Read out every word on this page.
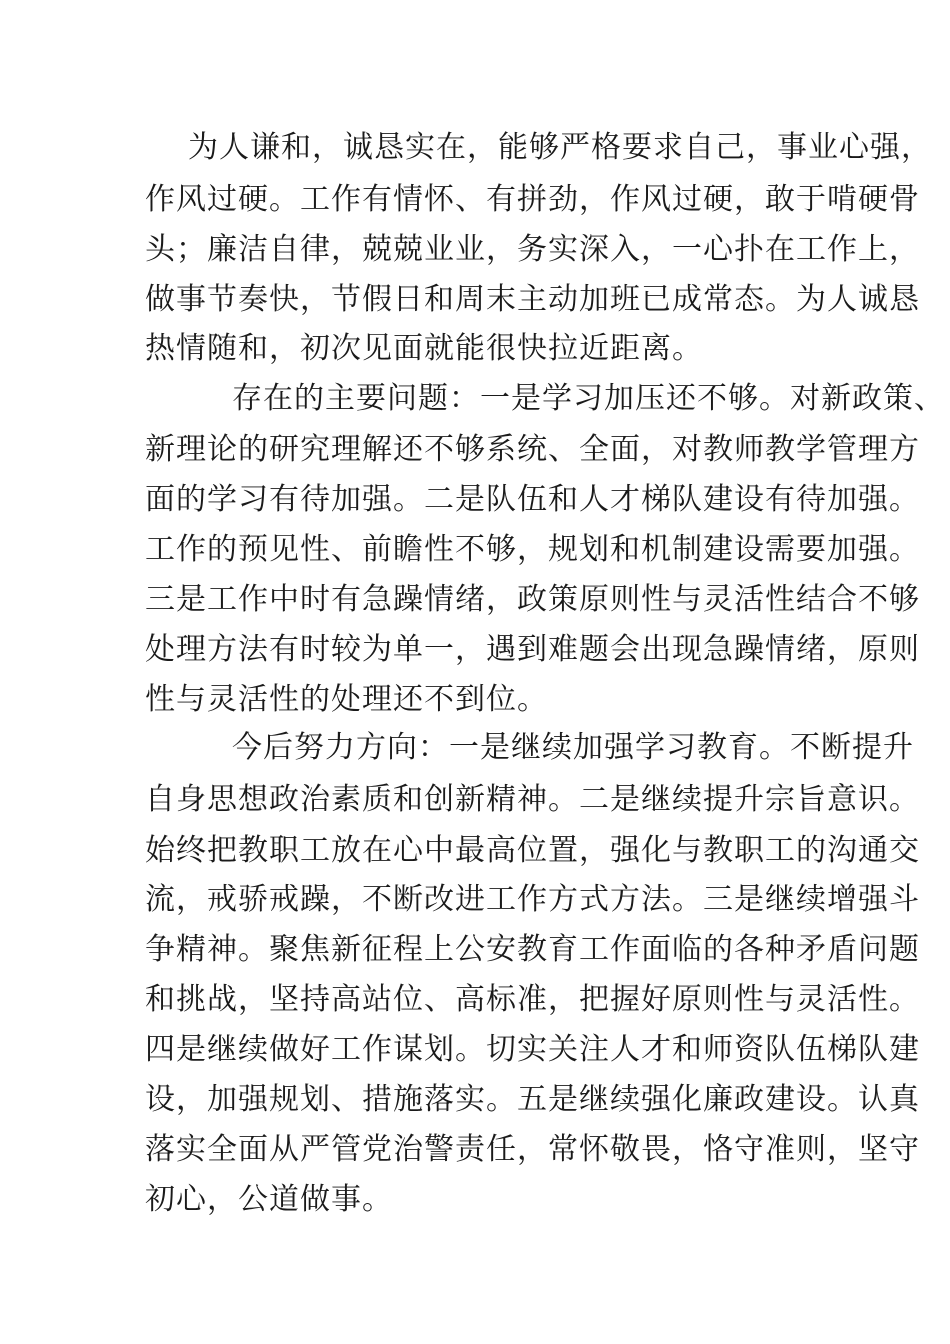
为人谦和，诚恳实在，能够严格要求自己，事业心强，

作风过硬。工作有情怀、有拼劲，作风过硬，敢于啃硬骨

头；廉洁自律，兢兢业业，务实深入，一心扑在工作上，

做事节奏快，节假日和周末主动加班已成常态。为人诚恳

热情随和，初次见面就能很快拉近距离。

存在的主要问题：一是学习加压还不够。对新政策、

新理论的研究理解还不够系统、全面，对教师教学管理方

面的学习有待加强。二是队伍和人才梯队建设有待加强。

工作的预见性、前瞻性不够，规划和机制建设需要加强。

三是工作中时有急躁情绪，政策原则性与灵活性结合不够

处理方法有时较为单一，遇到难题会出现急躁情绪，原则

性与灵活性的处理还不到位。

今后努力方向：一是继续加强学习教育。不断提升

自身思想政治素质和创新精神。二是继续提升宗旨意识。

始终把教职工放在心中最高位置，强化与教职工的沟通交

流，戒骄戒躁，不断改进工作方式方法。三是继续增强斗

争精神。聚焦新征程上公安教育工作面临的各种矛盾问题

和挑战，坚持高站位、高标准，把握好原则性与灵活性。

四是继续做好工作谋划。切实关注人才和师资队伍梯队建

设，加强规划、措施落实。五是继续强化廉政建设。认真

落实全面从严管党治警责任，常怀敬畏，恪守准则，坚守

初心，公道做事。
